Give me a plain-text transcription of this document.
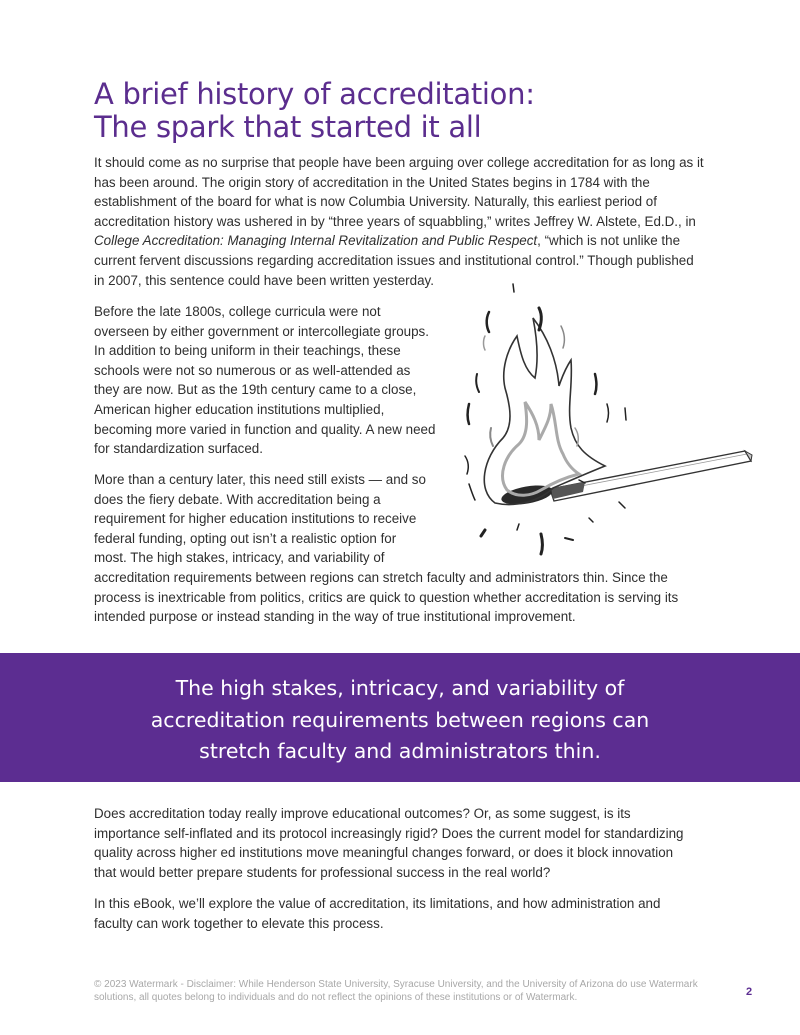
A brief history of accreditation:
The spark that started it all

It should come as no surprise that people have been arguing over college accreditation for as long as it has been around. The origin story of accreditation in the United States begins in 1784 with the establishment of the board for what is now Columbia University. Naturally, this earliest period of accreditation history was ushered in by “three years of squabbling,” writes Jeffrey W. Alstete, Ed.D., in College Accreditation: Managing Internal Revitalization and Public Respect, “which is not unlike the current fervent discussions regarding accreditation issues and institutional control.” Though published in 2007, this sentence could have been written yesterday.

Before the late 1800s, college curricula were not overseen by either government or intercollegiate groups. In addition to being uniform in their teachings, these schools were not so numerous or as well-attended as they are now. But as the 19th century came to a close, American higher education institutions multiplied, becoming more varied in function and quality. A new need for standardization surfaced.

More than a century later, this need still exists — and so does the fiery debate. With accreditation being a requirement for higher education institutions to receive federal funding, opting out isn’t a realistic option for most. The high stakes, intricacy, and variability of
accreditation requirements between regions can stretch faculty and administrators thin. Since the process is inextricable from politics, critics are quick to question whether accreditation is serving its intended purpose or instead standing in the way of true institutional improvement.

The high stakes, intricacy, and variability of
accreditation requirements between regions can
stretch faculty and administrators thin.

Does accreditation today really improve educational outcomes? Or, as some suggest, is its importance self-inflated and its protocol increasingly rigid? Does the current model for standardizing quality across higher ed institutions move meaningful changes forward, or does it block innovation that would better prepare students for professional success in the real world?

In this eBook, we’ll explore the value of accreditation, its limitations, and how administration and faculty can work together to elevate this process.

© 2023 Watermark - Disclaimer: While Henderson State University, Syracuse University, and the University of Arizona do use Watermark solutions, all quotes belong to individuals and do not reflect the opinions of these institutions or of Watermark.	2
